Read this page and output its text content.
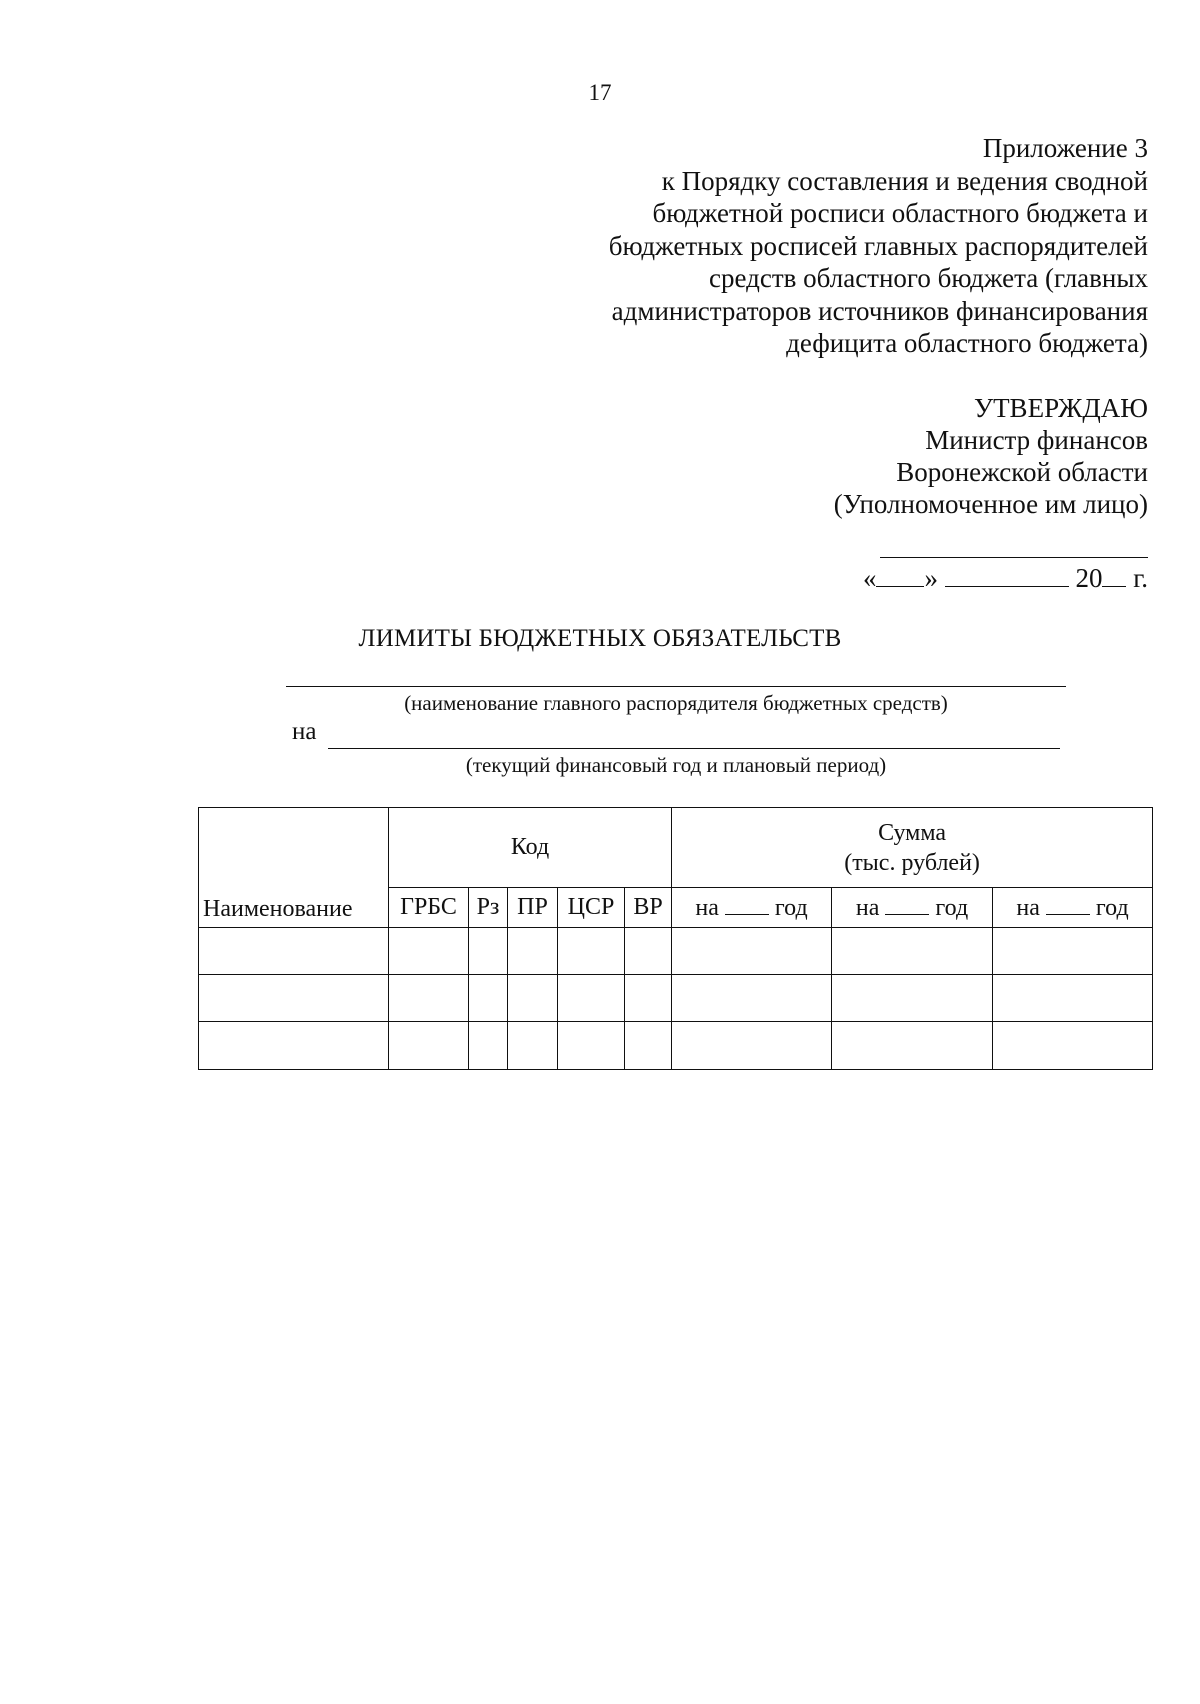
17
Приложение 3
к Порядку составления и ведения сводной
бюджетной росписи областного бюджета и
бюджетных росписей главных распорядителей
средств областного бюджета (главных
администраторов источников финансирования
дефицита областного бюджета)
УТВЕРЖДАЮ
Министр финансов
Воронежской области
(Уполномоченное им лицо)
« »	20 г.
ЛИМИТЫ БЮДЖЕТНЫХ ОБЯЗАТЕЛЬСТВ
(наименование главного распорядителя бюджетных средств)
на
(текущий финансовый год и плановый период)
Наименование	Код					Сумма
(тыс. рублей)		

	ГРБС	Рз	ПР	ЦСР	ВР	на год	на год	на год
